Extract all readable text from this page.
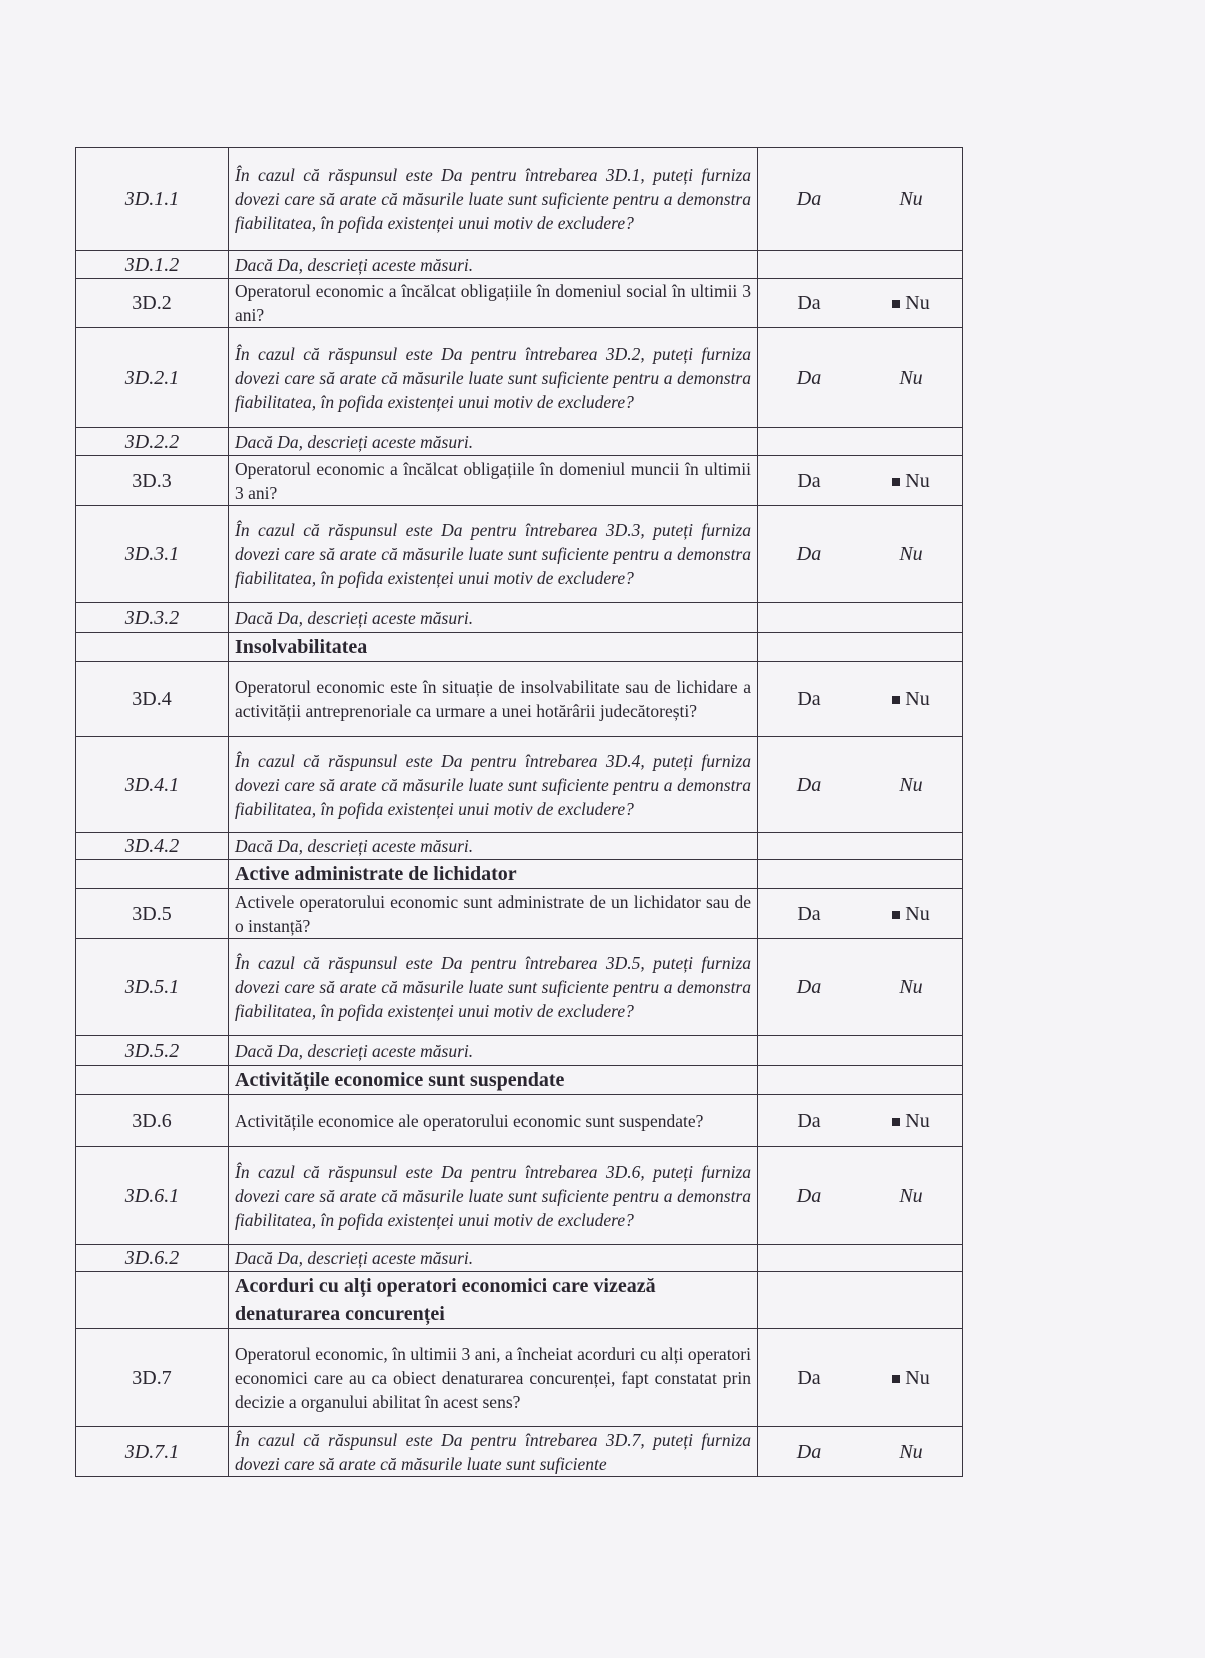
3D.1.1	În cazul că răspunsul este Da pentru întrebarea 3D.1, puteți furniza dovezi care să arate că măsurile luate sunt suficiente pentru a demonstra fiabilitatea, în pofida existenței unui motiv de excludere?	Da	Nu
3D.1.2	Dacă Da, descrieți aceste măsuri.		
3D.2	Operatorul economic a încălcat obligațiile în domeniul social în ultimii 3 ani?	Da	Nu
3D.2.1	În cazul că răspunsul este Da pentru întrebarea 3D.2, puteți furniza dovezi care să arate că măsurile luate sunt suficiente pentru a demonstra fiabilitatea, în pofida existenței unui motiv de excludere?	Da	Nu
3D.2.2	Dacă Da, descrieți aceste măsuri.		
3D.3	Operatorul economic a încălcat obligațiile în domeniul muncii în ultimii 3 ani?	Da	Nu
3D.3.1	În cazul că răspunsul este Da pentru întrebarea 3D.3, puteți furniza dovezi care să arate că măsurile luate sunt suficiente pentru a demonstra fiabilitatea, în pofida existenței unui motiv de excludere?	Da	Nu
3D.3.2	Dacă Da, descrieți aceste măsuri.		
	Insolvabilitatea		
3D.4	Operatorul economic este în situație de insolvabilitate sau de lichidare a activității antreprenoriale ca urmare a unei hotărârii judecătorești?	Da	Nu
3D.4.1	În cazul că răspunsul este Da pentru întrebarea 3D.4, puteți furniza dovezi care să arate că măsurile luate sunt suficiente pentru a demonstra fiabilitatea, în pofida existenței unui motiv de excludere?	Da	Nu
3D.4.2	Dacă Da, descrieți aceste măsuri.		
	Active administrate de lichidator		
3D.5	Activele operatorului economic sunt administrate de un lichidator sau de o instanță?	Da	Nu
3D.5.1	În cazul că răspunsul este Da pentru întrebarea 3D.5, puteți furniza dovezi care să arate că măsurile luate sunt suficiente pentru a demonstra fiabilitatea, în pofida existenței unui motiv de excludere?	Da	Nu
3D.5.2	Dacă Da, descrieți aceste măsuri.		
	Activitățile economice sunt suspendate		
3D.6	Activitățile economice ale operatorului economic sunt suspendate?	Da	Nu
3D.6.1	În cazul că răspunsul este Da pentru întrebarea 3D.6, puteți furniza dovezi care să arate că măsurile luate sunt suficiente pentru a demonstra fiabilitatea, în pofida existenței unui motiv de excludere?	Da	Nu
3D.6.2	Dacă Da, descrieți aceste măsuri.		
	Acorduri cu alți operatori economici care vizează denaturarea concurenței		
3D.7	Operatorul economic, în ultimii 3 ani, a încheiat acorduri cu alți operatori economici care au ca obiect denaturarea concurenței, fapt constatat prin decizie a organului abilitat în acest sens?	Da	Nu
3D.7.1	În cazul că răspunsul este Da pentru întrebarea 3D.7, puteți furniza dovezi care să arate că măsurile luate sunt suficiente	Da	Nu
